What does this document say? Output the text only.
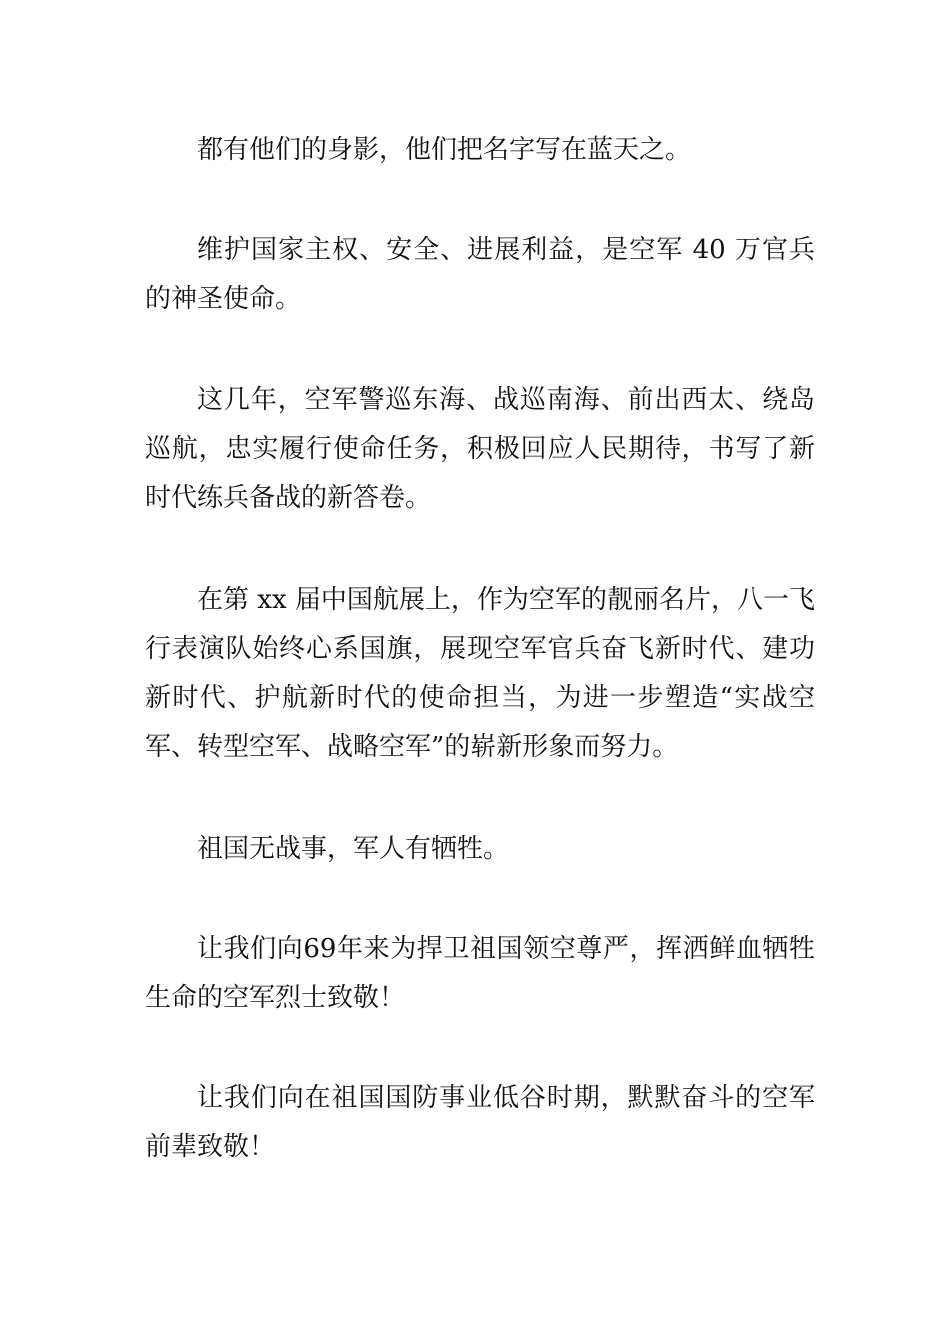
都有他们的身影，他们把名字写在蓝天之。

维护国家主权、安全、进展利益，是空军 40 万官兵的神圣使命。

这几年，空军警巡东海、战巡南海、前出西太、绕岛巡航，忠实履行使命任务，积极回应人民期待，书写了新时代练兵备战的新答卷。

在第 xx 届中国航展上，作为空军的靓丽名片，八一飞行表演队始终心系国旗，展现空军官兵奋飞新时代、建功新时代、护航新时代的使命担当，为进一步塑造“实战空军、转型空军、战略空军”的崭新形象而努力。

祖国无战事，军人有牺牲。

让我们向69年来为捍卫祖国领空尊严，挥洒鲜血牺牲生命的空军烈士致敬！

让我们向在祖国国防事业低谷时期，默默奋斗的空军前辈致敬！
